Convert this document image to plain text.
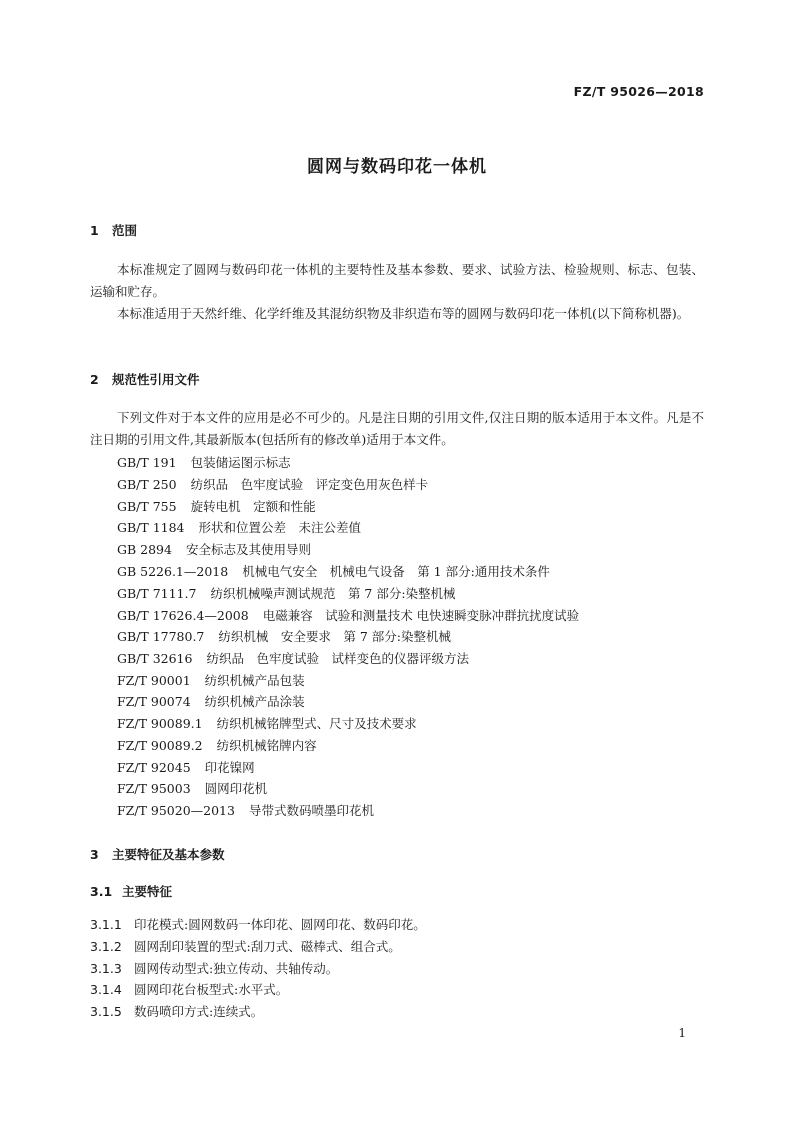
FZ/T 95026—2018
圆网与数码印花一体机
1 范围

本标准规定了圆网与数码印花一体机的主要特性及基本参数、要求、试验方法、检验规则、标志、包装、运输和贮存。

本标准适用于天然纤维、化学纤维及其混纺织物及非织造布等的圆网与数码印花一体机(以下简称机器)。

2 规范性引用文件

下列文件对于本文件的应用是必不可少的。凡是注日期的引用文件,仅注日期的版本适用于本文件。凡是不注日期的引用文件,其最新版本(包括所有的修改单)适用于本文件。

GB/T 191 包装储运图示标志
GB/T 250 纺织品　色牢度试验　评定变色用灰色样卡
GB/T 755 旋转电机　定额和性能
GB/T 1184 形状和位置公差　未注公差值
GB 2894 安全标志及其使用导则
GB 5226.1—2018 机械电气安全　机械电气设备　第 1 部分:通用技术条件
GB/T 7111.7 纺织机械噪声测试规范　第 7 部分:染整机械
GB/T 17626.4—2008 电磁兼容　试验和测量技术 电快速瞬变脉冲群抗扰度试验
GB/T 17780.7 纺织机械　安全要求　第 7 部分:染整机械
GB/T 32616 纺织品　色牢度试验　试样变色的仪器评级方法
FZ/T 90001 纺织机械产品包装
FZ/T 90074 纺织机械产品涂装
FZ/T 90089.1 纺织机械铭牌型式、尺寸及技术要求
FZ/T 90089.2 纺织机械铭牌内容
FZ/T 92045 印花镍网
FZ/T 95003 圆网印花机
FZ/T 95020—2013 导带式数码喷墨印花机
3 主要特征及基本参数
3.1 主要特征
3.1.1 印花模式:圆网数码一体印花、圆网印花、数码印花。
3.1.2 圆网刮印装置的型式:刮刀式、磁棒式、组合式。
3.1.3 圆网传动型式:独立传动、共轴传动。
3.1.4 圆网印花台板型式:水平式。
3.1.5 数码喷印方式:连续式。
1
